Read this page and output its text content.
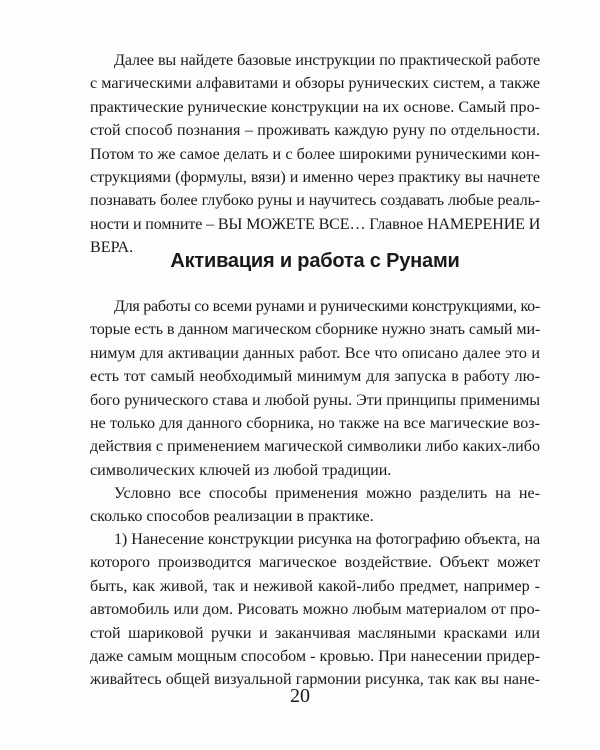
Далее вы найдете базовые инструкции по практической работе
с магическими алфавитами и обзоры рунических систем, а также
практические рунические конструкции на их основе. Самый про-
стой способ познания – проживать каждую руну по отдельности.
Потом то же самое делать и с более широкими руническими кон-
струкциями (формулы, вязи) и именно через практику вы начнете
познавать более глубоко руны и научитесь создавать любые реаль-
ности и помните – ВЫ МОЖЕТЕ ВСЕ… Главное НАМЕРЕНИЕ И
ВЕРА.
Активация и работа с Рунами
Для работы со всеми рунами и руническими конструкциями, ко-
торые есть в данном магическом сборнике нужно знать самый ми-
нимум для активации данных работ. Все что описано далее это и
есть тот самый необходимый минимум для запуска в работу лю-
бого рунического става и любой руны. Эти принципы применимы
не только для данного сборника, но также на все магические воз-
действия с применением магической символики либо каких-либо
символических ключей из любой традиции.
Условно все способы применения можно разделить на не-
сколько способов реализации в практике.
1) Нанесение конструкции рисунка на фотографию объекта, на
которого производится магическое воздействие. Объект может
быть, как живой, так и неживой какой-либо предмет, например -
автомобиль или дом. Рисовать можно любым материалом от про-
стой шариковой ручки и заканчивая масляными красками или
даже самым мощным способом - кровью. При нанесении придер-
живайтесь общей визуальной гармонии рисунка, так как вы нане-
20
